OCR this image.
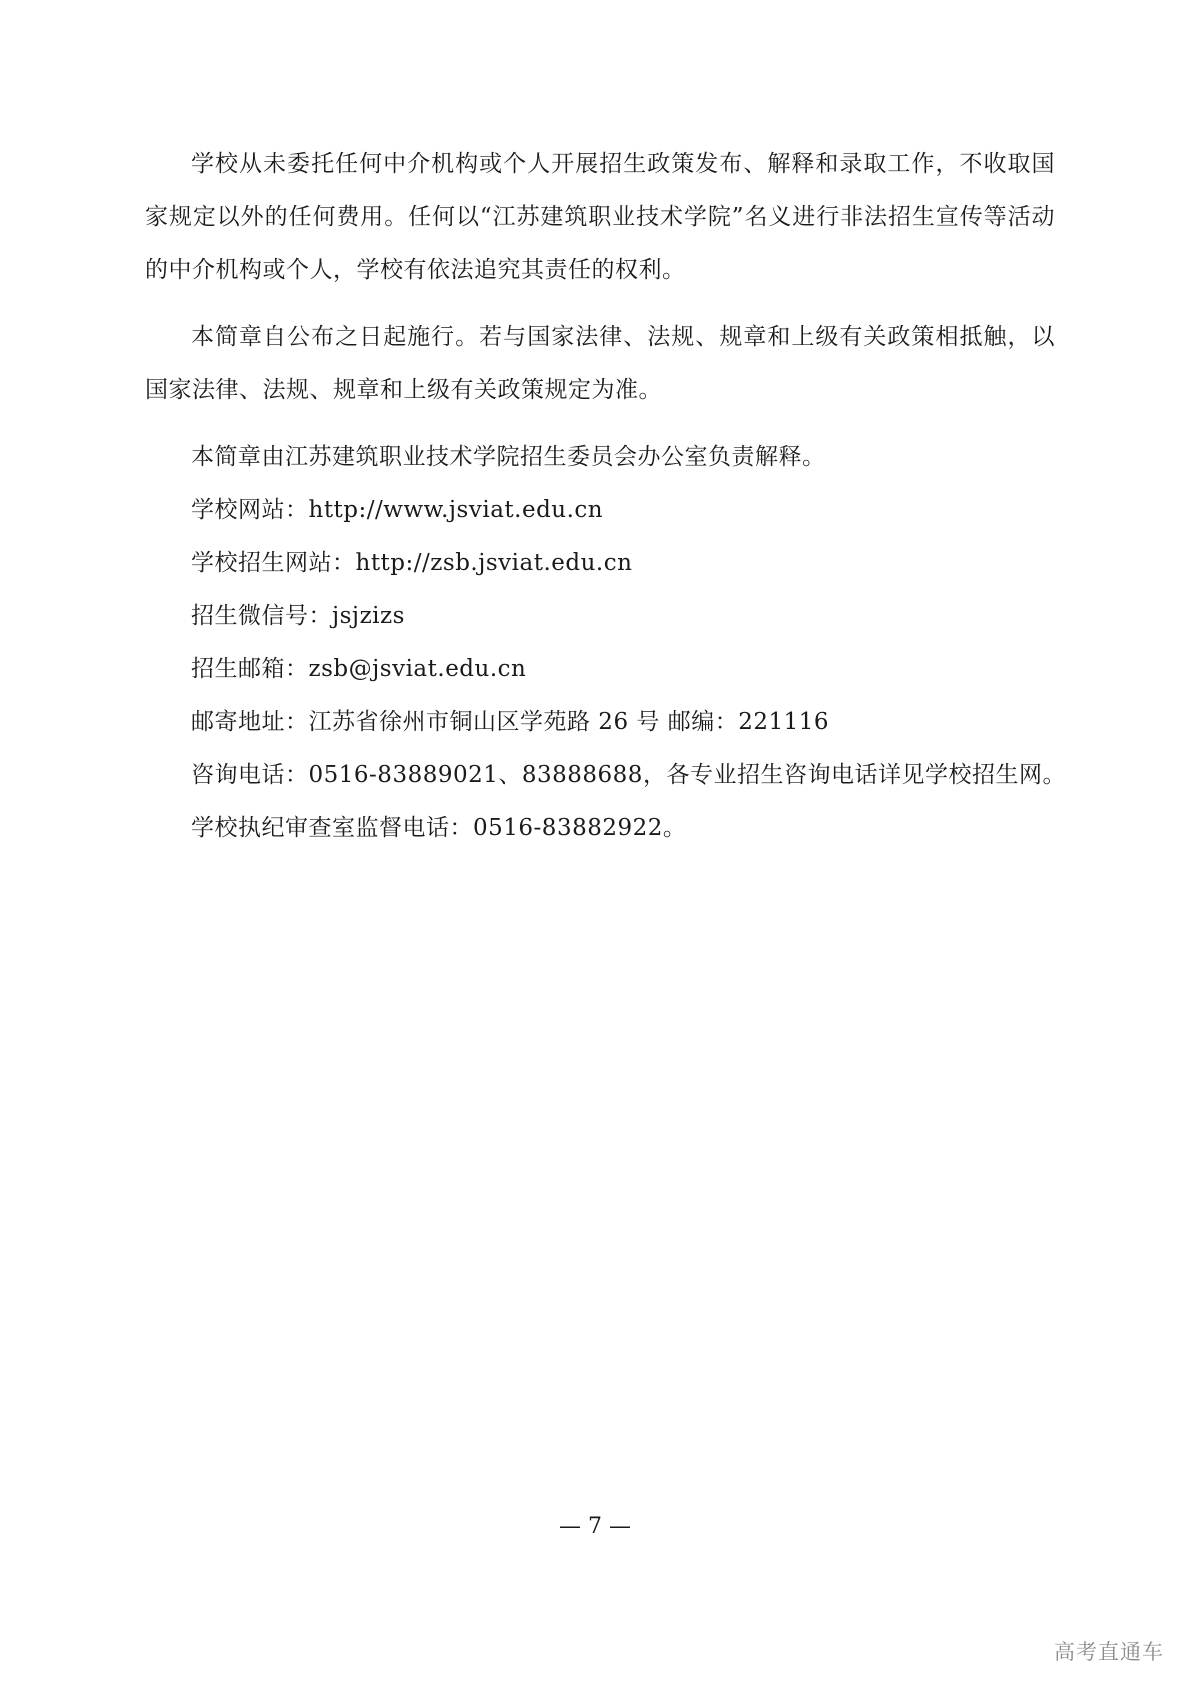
学校从未委托任何中介机构或个人开展招生政策发布、解释和录取工作，不收取国家规定以外的任何费用。任何以“江苏建筑职业技术学院”名义进行非法招生宣传等活动的中介机构或个人，学校有依法追究其责任的权利。

本简章自公布之日起施行。若与国家法律、法规、规章和上级有关政策相抵触，以国家法律、法规、规章和上级有关政策规定为准。

本简章由江苏建筑职业技术学院招生委员会办公室负责解释。

学校网站：http://www.jsviat.edu.cn

学校招生网站：http://zsb.jsviat.edu.cn

招生微信号：jsjzizs

招生邮箱：zsb@jsviat.edu.cn

邮寄地址：江苏省徐州市铜山区学苑路 26 号 邮编：221116

咨询电话：0516-83889021、83888688，各专业招生咨询电话详见学校招生网。

学校执纪审查室监督电话：0516-83882922。

— 7 —
高考直通车
